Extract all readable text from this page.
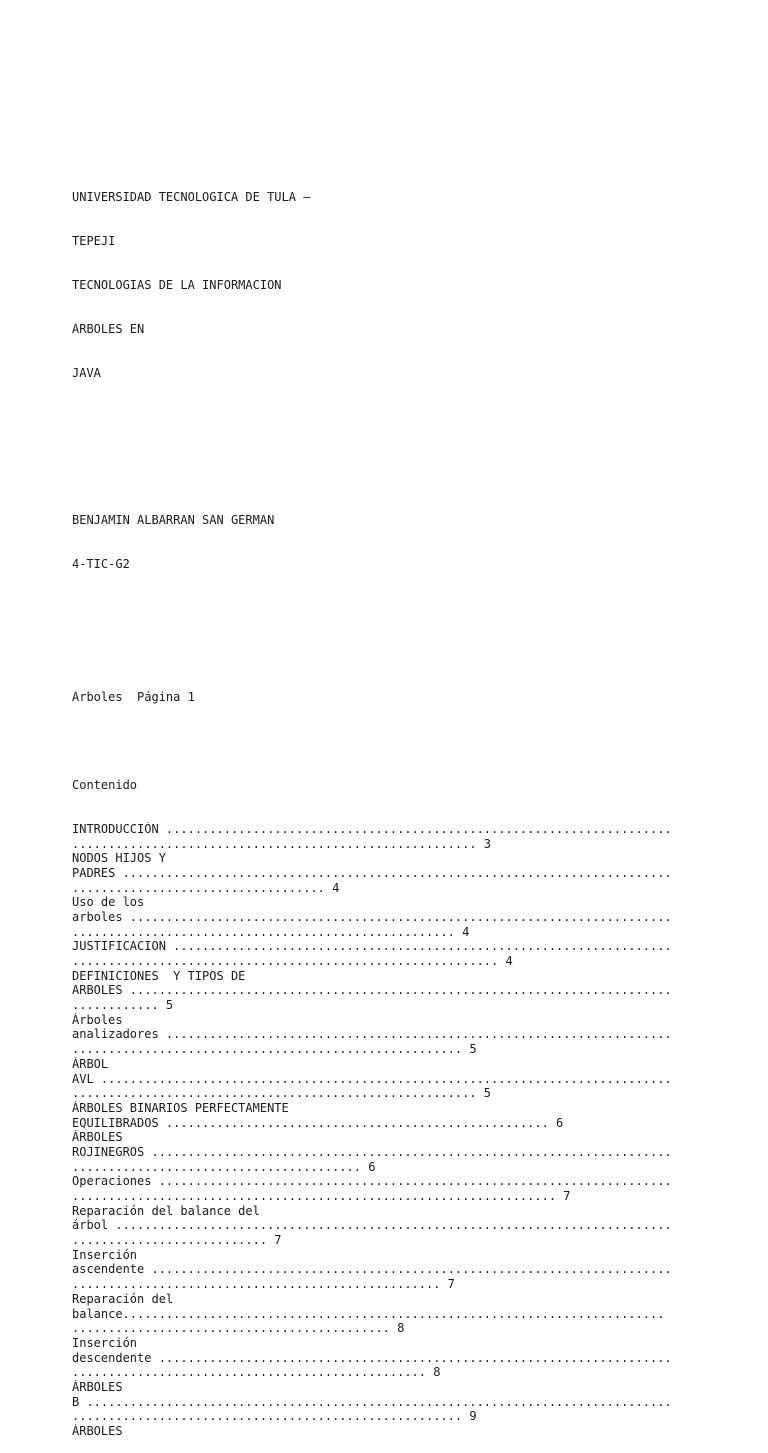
UNIVERSIDAD TECNOLOGICA DE TULA –

TEPEJI

TECNOLOGIAS DE LA INFORMACION

ARBOLES EN

JAVA

BENJAMIN ALBARRAN SAN GERMAN

4-TIC-G2

Arboles  Página 1

Contenido

INTRODUCCIÓN ......................................................................
........................................................ 3
NODOS HIJOS Y
PADRES ............................................................................
................................... 4
Uso de los
arboles ...........................................................................
..................................................... 4
JUSTIFICACION .....................................................................
........................................................... 4
DEFINICIONES  Y TIPOS DE
ARBOLES ...........................................................................
............ 5
Árboles
analizadores ......................................................................
...................................................... 5
ÁRBOL
AVL ...............................................................................
........................................................ 5
ÁRBOLES BINARIOS PERFECTAMENTE
EQUILIBRADOS ..................................................... 6
ÁRBOLES
ROJINEGROS ........................................................................
........................................ 6
Operaciones .......................................................................
................................................................... 7
Reparación del balance del
árbol .............................................................................
........................... 7
Inserción
ascendente ........................................................................
................................................... 7
Reparación del
balance...........................................................................
............................................ 8
Inserción
descendente .......................................................................
................................................. 8
ÁRBOLES
B .................................................................................
...................................................... 9
ÁRBOLES
